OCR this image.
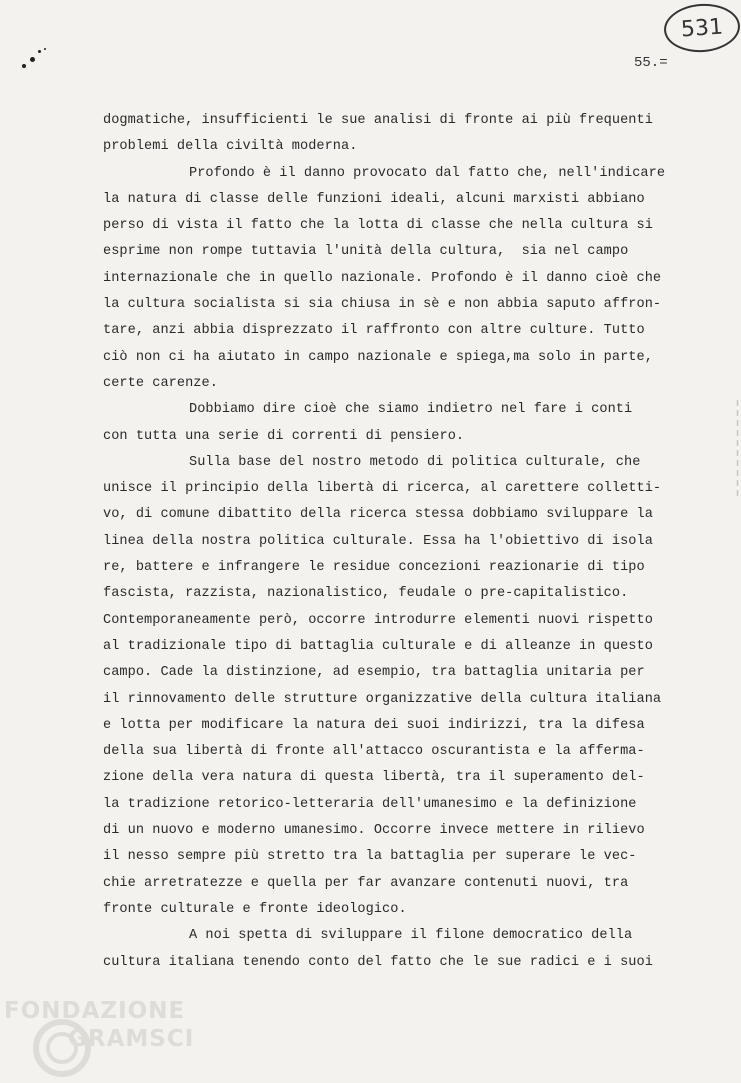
531
55.=
dogmatiche, insufficienti le sue analisi di fronte ai più frequenti
problemi della civiltà moderna.
Profondo è il danno provocato dal fatto che, nell'indicare
la natura di classe delle funzioni ideali, alcuni marxisti abbiano
perso di vista il fatto che la lotta di classe che nella cultura si
esprime non rompe tuttavia l'unità della cultura,  sia nel campo
internazionale che in quello nazionale. Profondo è il danno cioè che
la cultura socialista si sia chiusa in sè e non abbia saputo affron-
tare, anzi abbia disprezzato il raffronto con altre culture. Tutto
ciò non ci ha aiutato in campo nazionale e spiega,ma solo in parte,
certe carenze.
Dobbiamo dire cioè che siamo indietro nel fare i conti
con tutta una serie di correnti di pensiero.
Sulla base del nostro metodo di politica culturale, che
unisce il principio della libertà di ricerca, al carettere colletti-
vo, di comune dibattito della ricerca stessa dobbiamo sviluppare la
linea della nostra politica culturale. Essa ha l'obiettivo di isola
re, battere e infrangere le residue concezioni reazionarie di tipo
fascista, razzista, nazionalistico, feudale o pre-capitalistico.
Contemporaneamente però, occorre introdurre elementi nuovi rispetto
al tradizionale tipo di battaglia culturale e di alleanze in questo
campo. Cade la distinzione, ad esempio, tra battaglia unitaria per
il rinnovamento delle strutture organizzative della cultura italiana
e lotta per modificare la natura dei suoi indirizzi, tra la difesa
della sua libertà di fronte all'attacco oscurantista e la afferma-
zione della vera natura di questa libertà, tra il superamento del-
la tradizione retorico-letteraria dell'umanesimo e la definizione
di un nuovo e moderno umanesimo. Occorre invece mettere in rilievo
il nesso sempre più stretto tra la battaglia per superare le vec-
chie arretratezze e quella per far avanzare contenuti nuovi, tra
fronte culturale e fronte ideologico.
A noi spetta di sviluppare il filone democratico della
cultura italiana tenendo conto del fatto che le sue radici e i suoi
FONDAZIONE
GRAMSCI
